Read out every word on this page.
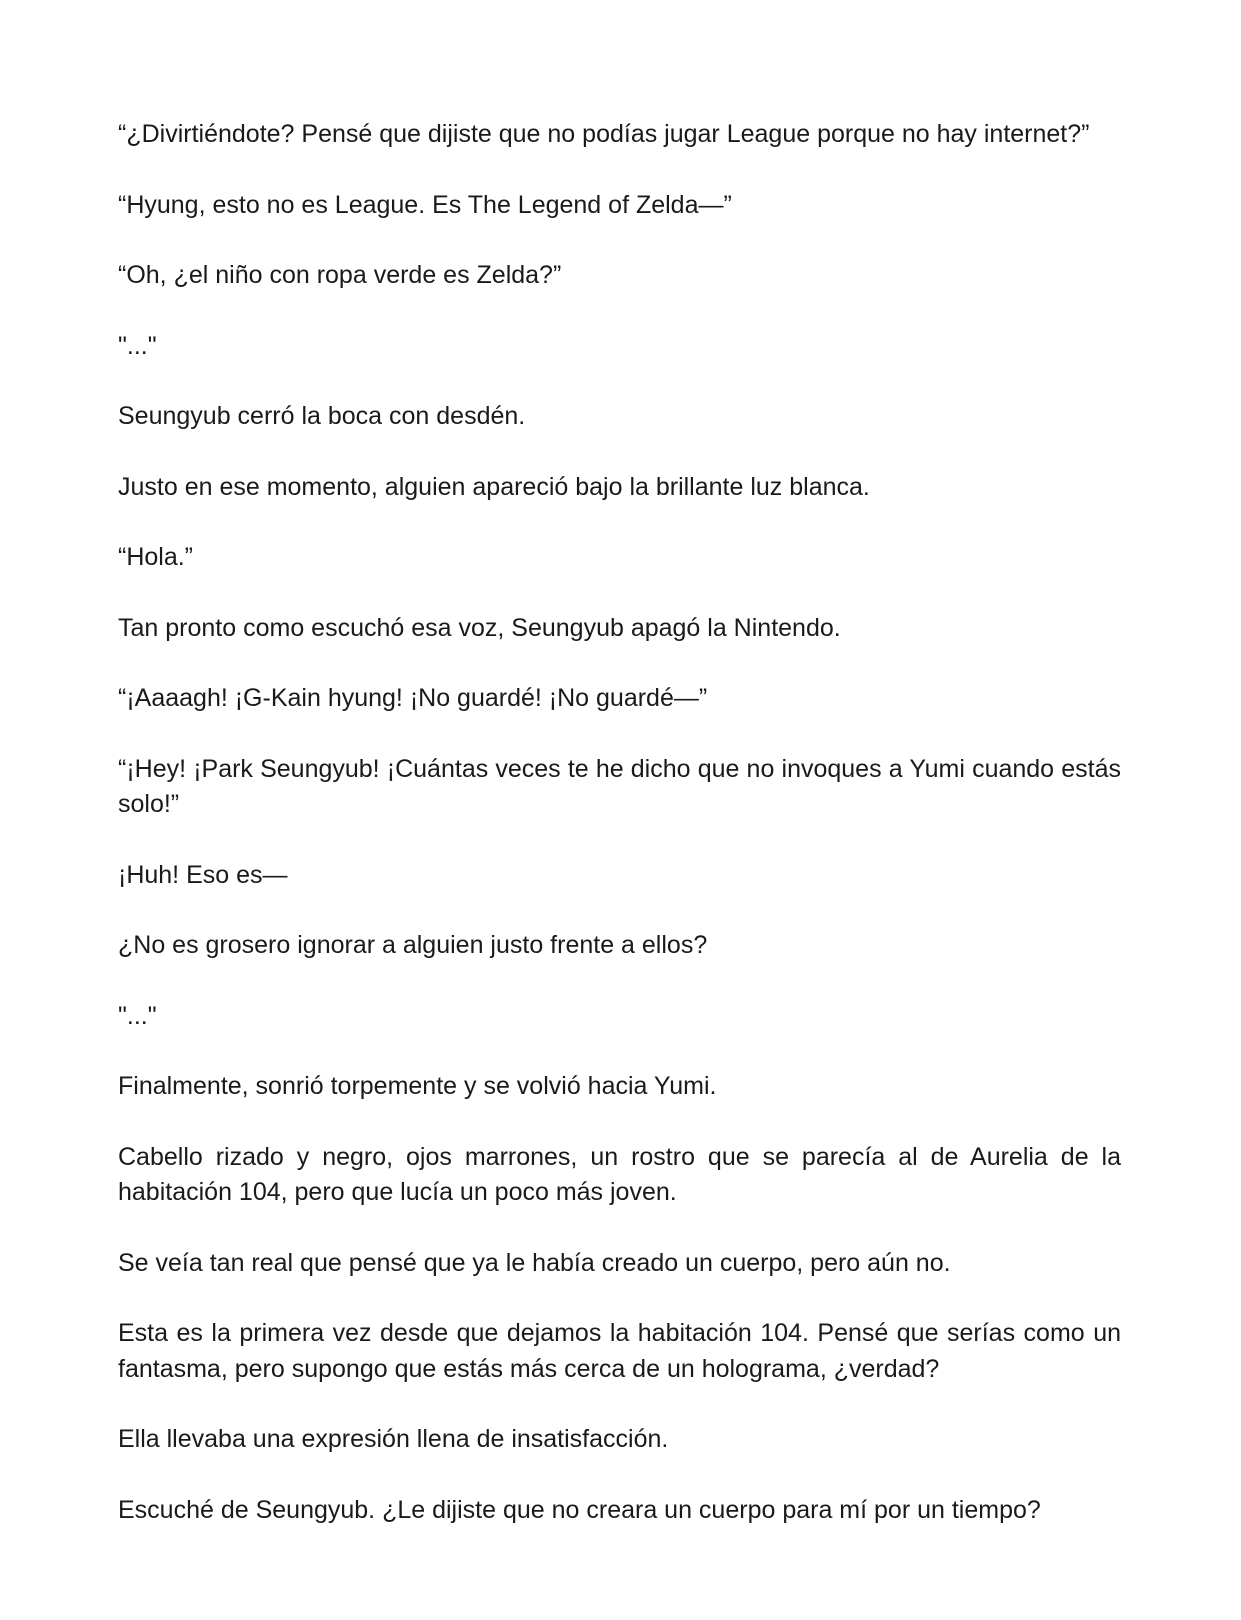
“¿Divirtiéndote? Pensé que dijiste que no podías jugar League porque no hay internet?”

“Hyung, esto no es League. Es The Legend of Zelda—”

“Oh, ¿el niño con ropa verde es Zelda?”

"..."

Seungyub cerró la boca con desdén.

Justo en ese momento, alguien apareció bajo la brillante luz blanca.

“Hola.”

Tan pronto como escuchó esa voz, Seungyub apagó la Nintendo.

“¡Aaaagh! ¡G-Kain hyung! ¡No guardé! ¡No guardé—”

“¡Hey! ¡Park Seungyub! ¡Cuántas veces te he dicho que no invoques a Yumi cuando estás solo!”

¡Huh! Eso es—

¿No es grosero ignorar a alguien justo frente a ellos?

"..."

Finalmente, sonrió torpemente y se volvió hacia Yumi.

Cabello rizado y negro, ojos marrones, un rostro que se parecía al de Aurelia de la habitación 104, pero que lucía un poco más joven.

Se veía tan real que pensé que ya le había creado un cuerpo, pero aún no.

Esta es la primera vez desde que dejamos la habitación 104. Pensé que serías como un fantasma, pero supongo que estás más cerca de un holograma, ¿verdad?

Ella llevaba una expresión llena de insatisfacción.

Escuché de Seungyub. ¿Le dijiste que no creara un cuerpo para mí por un tiempo?
